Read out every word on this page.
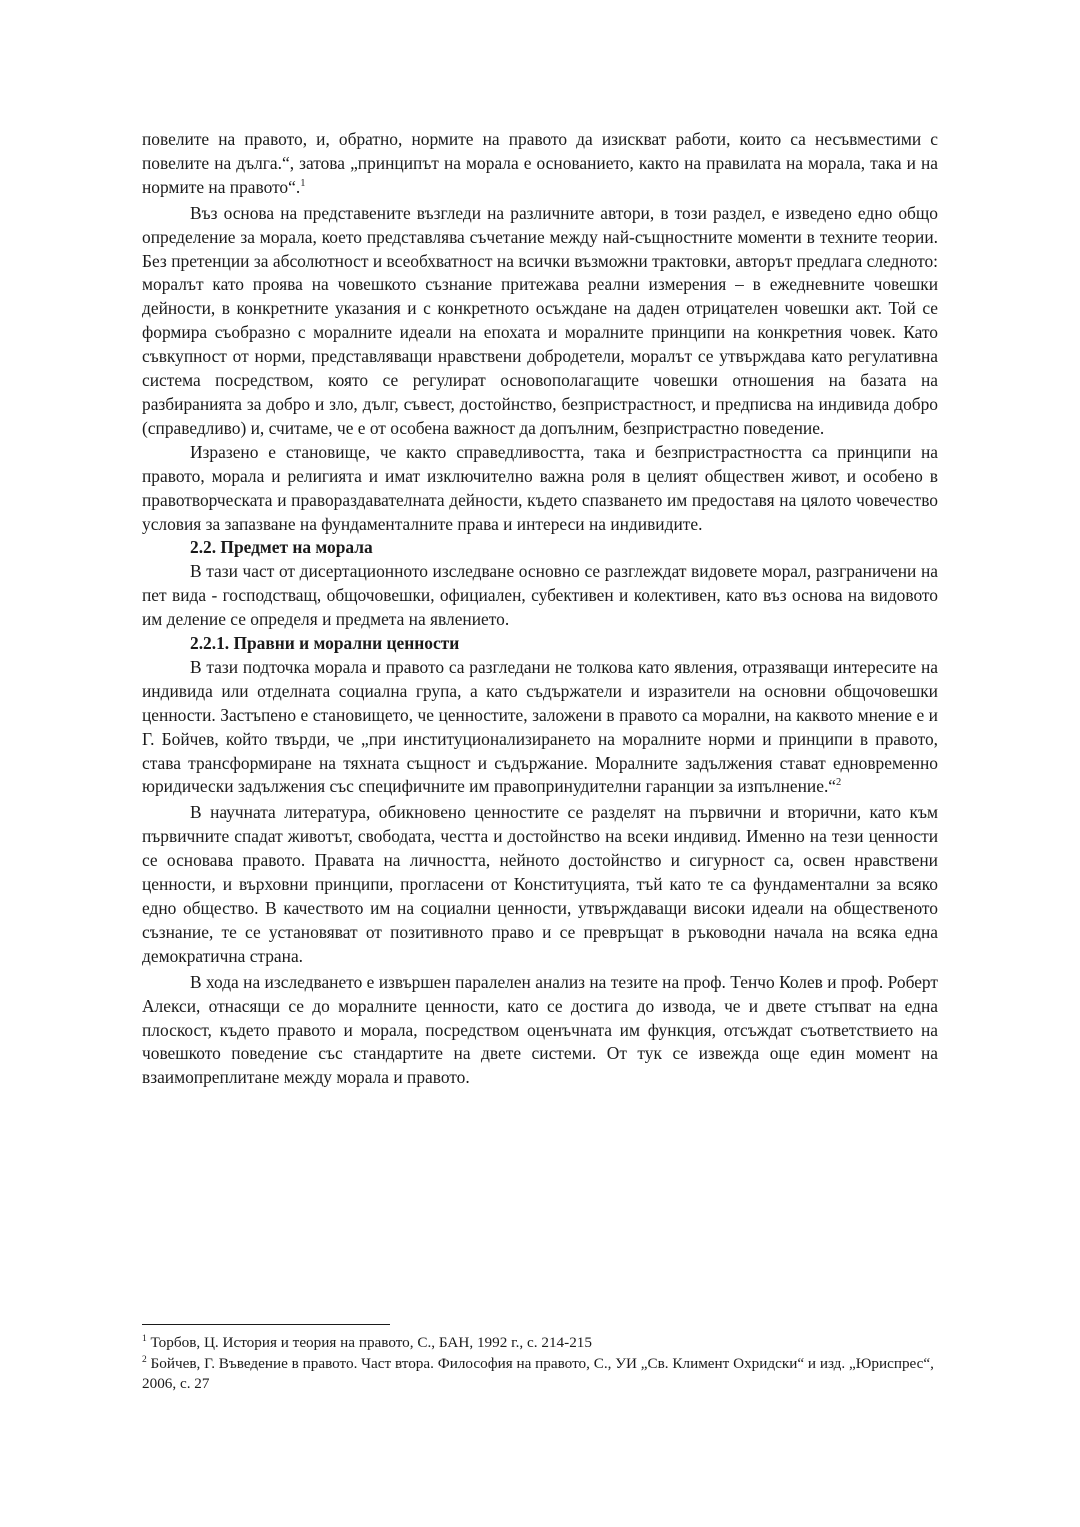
повелите на правото, и, обратно, нормите на правото да изискват работи, които са несъвместими с повелите на дълга.“, затова „принципът на морала е основанието, както на правилата на морала, така и на нормите на правото“.$^1$

Въз основа на представените възгледи на различните автори, в този раздел, е изведено едно общо определение за морала, което представлява съчетание между най-същностните моменти в техните теории. Без претенции за абсолютност и всеобхватност на всички възможни трактовки, авторът предлага следното: моралът като проява на човешкото съзнание притежава реални измерения – в ежедневните човешки дейности, в конкретните указания и с конкретното осъждане на даден отрицателен човешки акт. Той се формира съобразно с моралните идеали на епохата и моралните принципи на конкретния човек. Като съвкупност от норми, представляващи нравствени добродетели, моралът се утвърждава като регулативна система посредством, която се регулират основополагащите човешки отношения на базата на разбиранията за добро и зло, дълг, съвест, достойнство, безпристрастност, и предписва на индивида добро (справедливо) и, считаме, че е от особена важност да допълним, безпристрастно поведение.

Изразено е становище, че както справедливостта, така и безпристрастността са принципи на правото, морала и религията и имат изключително важна роля в целият обществен живот, и особено в правотворческата и правораздавателната дейности, където спазването им предоставя на цялото човечество условия за запазване на фундаменталните права и интереси на индивидите.

2.2. Предмет на морала

В тази част от дисертационното изследване основно се разглеждат видовете морал, разграничени на пет вида - господстващ, общочовешки, официален, субективен и колективен, като въз основа на видовото им деление се определя и предмета на явлението.

2.2.1. Правни и морални ценности

В тази подточка морала и правото са разгледани не толкова като явления, отразяващи интересите на индивида или отделната социална група, а като съдържатели и изразители на основни общочовешки ценности. Застъпено е становището, че ценностите, заложени в правото са морални, на каквото мнение е и Г. Бойчев, който твърди, че „при институционализирането на моралните норми и принципи в правото, става трансформиране на тяхната същност и съдържание. Моралните задължения стават едновременно юридически задължения със специфичните им правопринудителни гаранции за изпълнение.“$^2$

В научната литература, обикновено ценностите се разделят на първични и вторични, като към първичните спадат животът, свободата, честта и достойнство на всеки индивид. Именно на тези ценности се основава правото. Правата на личността, нейното достойнство и сигурност са, освен нравствени ценности, и върховни принципи, прогласени от Конституцията, тъй като те са фундаментални за всяко едно общество. В качеството им на социални ценности, утвърждаващи високи идеали на общественото съзнание, те се установяват от позитивното право и се превръщат в ръководни начала на всяка една демократична страна.

В хода на изследването е извършен паралелен анализ на тезите на проф. Тенчо Колев и проф. Роберт Алекси, отнасящи се до моралните ценности, като се достига до извода, че и двете стъпват на една плоскост, където правото и морала, посредством оценъчната им функция, отсъждат съответствието на човешкото поведение със стандартите на двете системи. От тук се извежда още един момент на взаимопреплитане между морала и правото.

$^1$ Торбов, Ц. История и теория на правото, С., БАН, 1992 г., с. 214-215

$^2$ Бойчев, Г. Въведение в правото. Част втора. Философия на правото, С., УИ „Св. Климент Охридски“ и изд. „Юриспрес“, 2006, с. 27
